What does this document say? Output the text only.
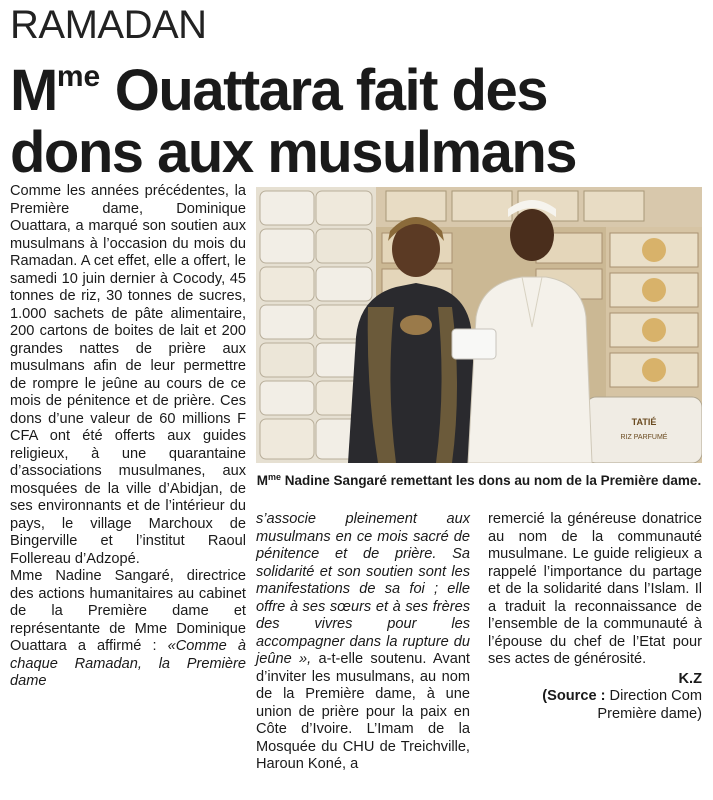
RAMADAN
$M^{me}$ Ouattara fait des
dons aux musulmans

Comme les années précédentes, la Première dame, Dominique Ouattara, a marqué son soutien aux musulmans à l’occasion du mois du Ramadan. A cet effet, elle a offert, le samedi 10 juin dernier à Cocody, 45 tonnes de riz, 30 tonnes de sucres, 1.000 sachets de pâte alimentaire, 200 cartons de boites de lait et 200 grandes nattes de prière aux musulmans afin de leur permettre de rompre le jeûne au cours de ce mois de pénitence et de prière. Ces dons d’une valeur de 60 millions F CFA ont été offerts aux guides religieux, à une quarantaine d’associations musulmanes, aux mosquées de la ville d’Abidjan, de ses environnants et de l’intérieur du pays, le village Marchoux de Bingerville et l’institut Raoul Follereau d’Adzopé.

Mme Nadine Sangaré, directrice des actions humanitaires au cabinet de la Première dame et représentante de Mme Dominique Ouattara a affirmé : «Comme à chaque Ramadan, la Première dame

TATIÉ
RIZ PARFUMÉ
$M^{me}$ Nadine Sangaré remettant les dons au nom de la Première dame.

s’associe pleinement aux musulmans en ce mois sacré de pénitence et de prière. Sa solidarité et son soutien sont les manifestations de sa foi ; elle offre à ses sœurs et à ses frères des vivres pour les accompagner dans la rupture du jeûne », a-t-elle soutenu. Avant d’inviter les musulmans, au nom de la Première dame, à une union de prière pour la paix en Côte d’Ivoire. L’Imam de la Mosquée du CHU de Treichville, Haroun Koné, a

remercié la généreuse donatrice au nom de la communauté musulmane. Le guide religieux a rappelé l’importance du partage et de la solidarité dans l’Islam. Il a traduit la reconnaissance de l’ensemble de la communauté à l’épouse du chef de l’Etat pour ses actes de générosité.

K.Z

(Source : Direction Com Première dame)
